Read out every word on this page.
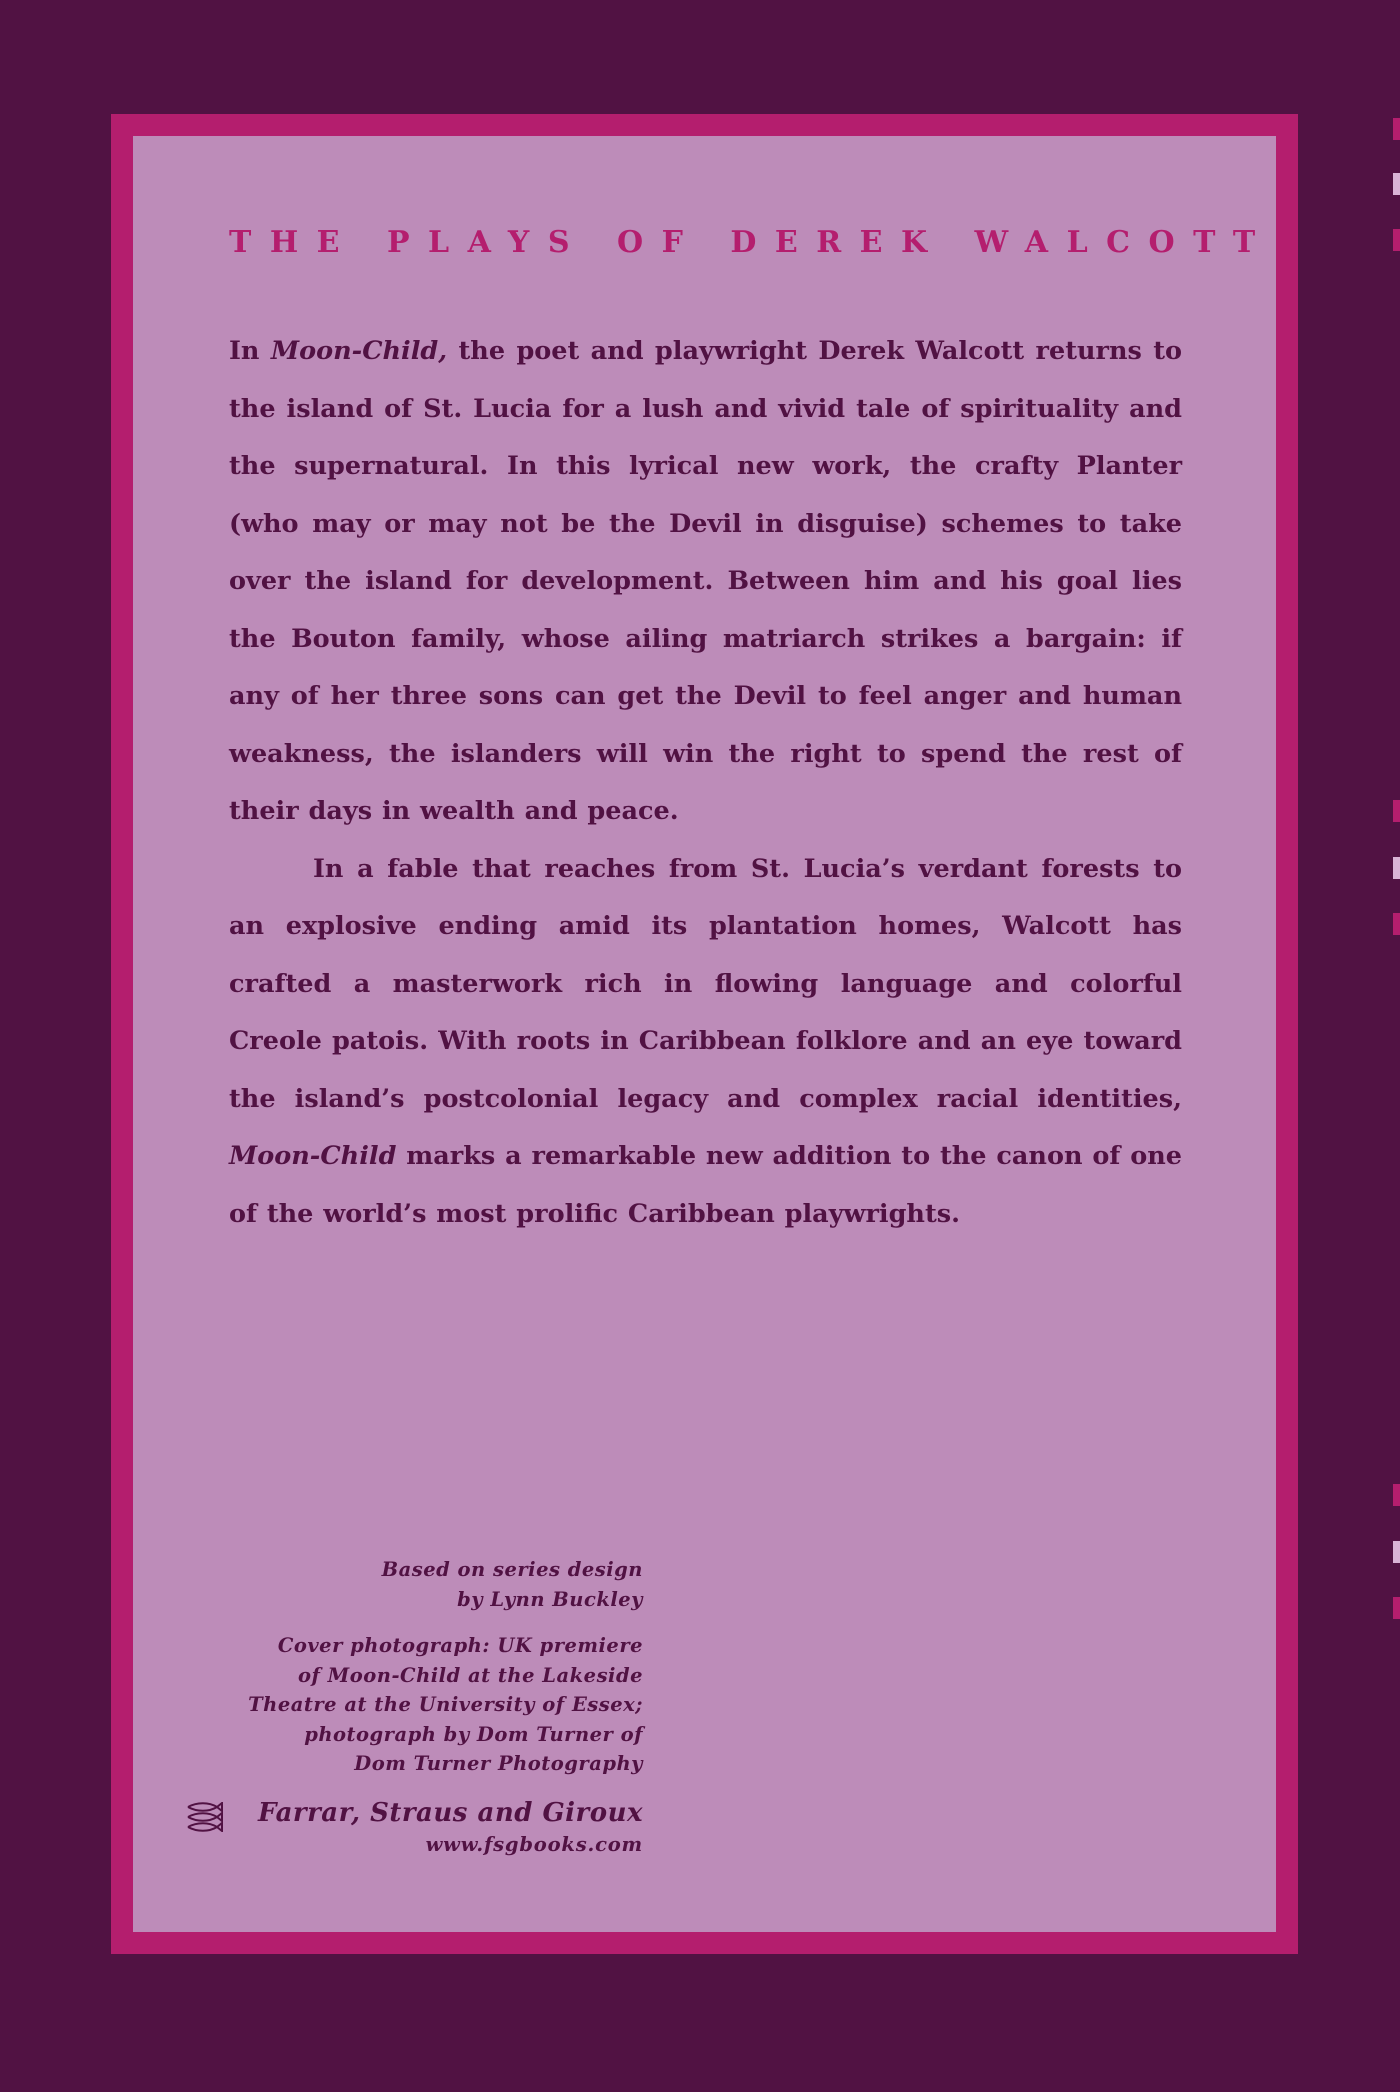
THE PLAYS OF DEREK WALCOTT

In Moon-Child, the poet and playwright Derek Walcott returns to the island of St. Lucia for a lush and vivid tale of spirituality and the supernatural. In this lyrical new work, the crafty Planter (who may or may not be the Devil in disguise) schemes to take over the island for development. Between him and his goal lies the Bouton family, whose ailing matriarch strikes a bargain: if any of her three sons can get the Devil to feel anger and human weakness, the islanders will win the right to spend the rest of their days in wealth and peace.

In a fable that reaches from St. Lucia’s verdant forests to an explosive ending amid its plantation homes, Walcott has crafted a masterwork rich in flowing language and colorful Creole patois. With roots in Caribbean folklore and an eye toward the island’s postcolonial legacy and complex racial identities, Moon-Child marks a remarkable new addition to the canon of one of the world’s most prolific Caribbean playwrights.

Based on series design
by Lynn Buckley
Cover photograph: UK premiere
of Moon-Child at the Lakeside
Theatre at the University of Essex;
photograph by Dom Turner of
Dom Turner Photography
Farrar, Straus and Giroux
www.fsgbooks.com
